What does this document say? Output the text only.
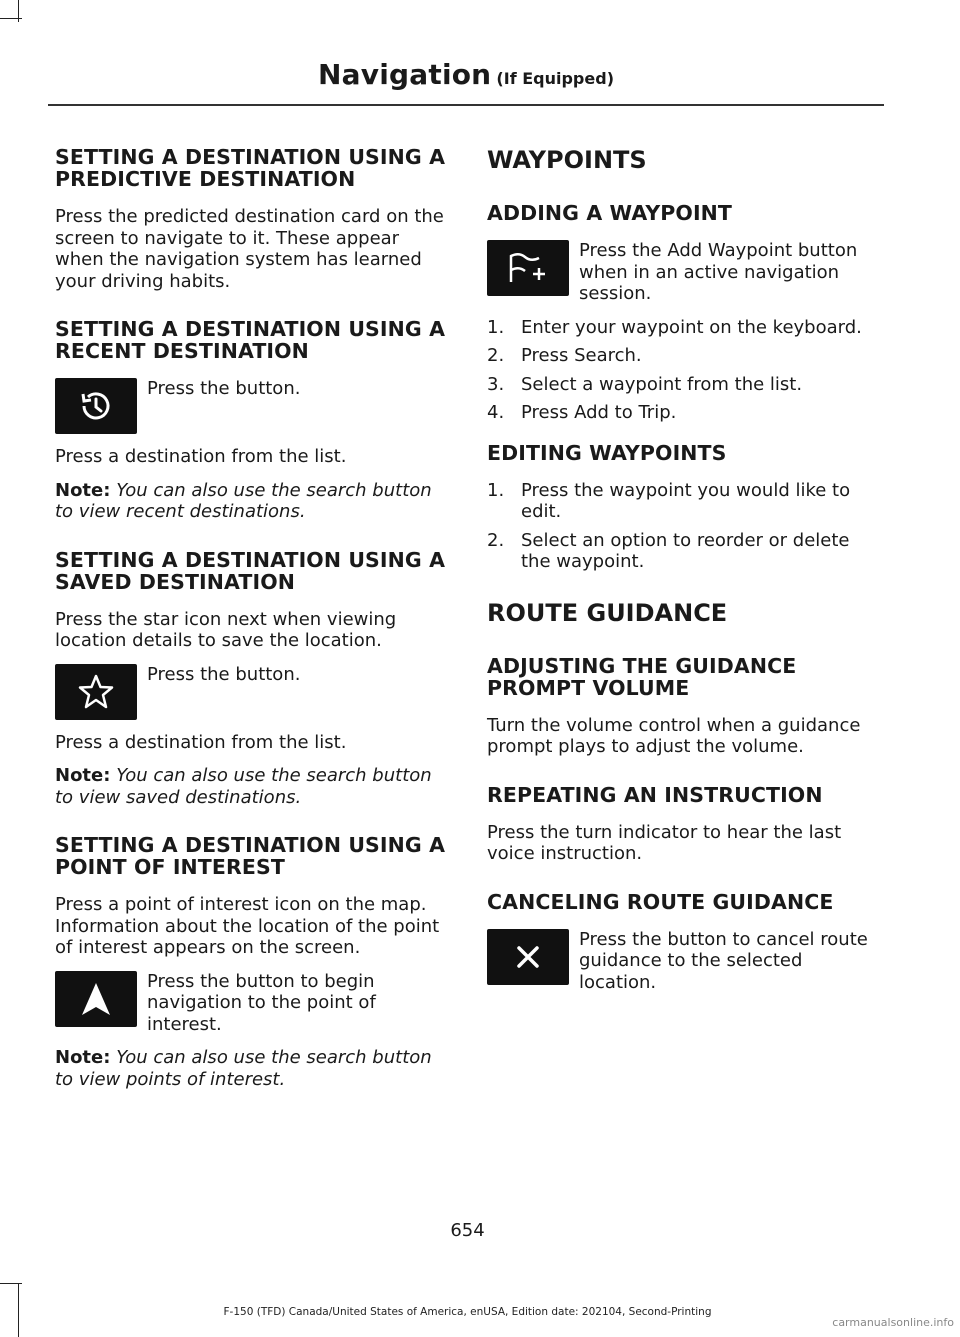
Navigation (If Equipped)
SETTING A DESTINATION USING A PREDICTIVE DESTINATION

Press the predicted destination card on the screen to navigate to it. These appear when the navigation system has learned your driving habits.

SETTING A DESTINATION USING A RECENT DESTINATION

Press the button.

Press a destination from the list.

Note: You can also use the search button to view recent destinations.

SETTING A DESTINATION USING A SAVED DESTINATION

Press the star icon next when viewing location details to save the location.

Press the button.

Press a destination from the list.

Note: You can also use the search button to view saved destinations.

SETTING A DESTINATION USING A POINT OF INTEREST

Press a point of interest icon on the map. Information about the location of the point of interest appears on the screen.

Press the button to begin navigation to the point of interest.

Note: You can also use the search button to view points of interest.

WAYPOINTS
ADDING A WAYPOINT

Press the Add Waypoint button when in an active navigation session.

1. Enter your waypoint on the keyboard.
2. Press Search.
3. Select a waypoint from the list.
4. Press Add to Trip.
EDITING WAYPOINTS
1. Press the waypoint you would like to edit.
2. Select an option to reorder or delete the waypoint.
ROUTE GUIDANCE
ADJUSTING THE GUIDANCE PROMPT VOLUME

Turn the volume control when a guidance prompt plays to adjust the volume.

REPEATING AN INSTRUCTION

Press the turn indicator to hear the last voice instruction.

CANCELING ROUTE GUIDANCE

Press the button to cancel route guidance to the selected location.

654
F-150 (TFD) Canada/United States of America, enUSA, Edition date: 202104, Second-Printing
carmanualsonline.info
